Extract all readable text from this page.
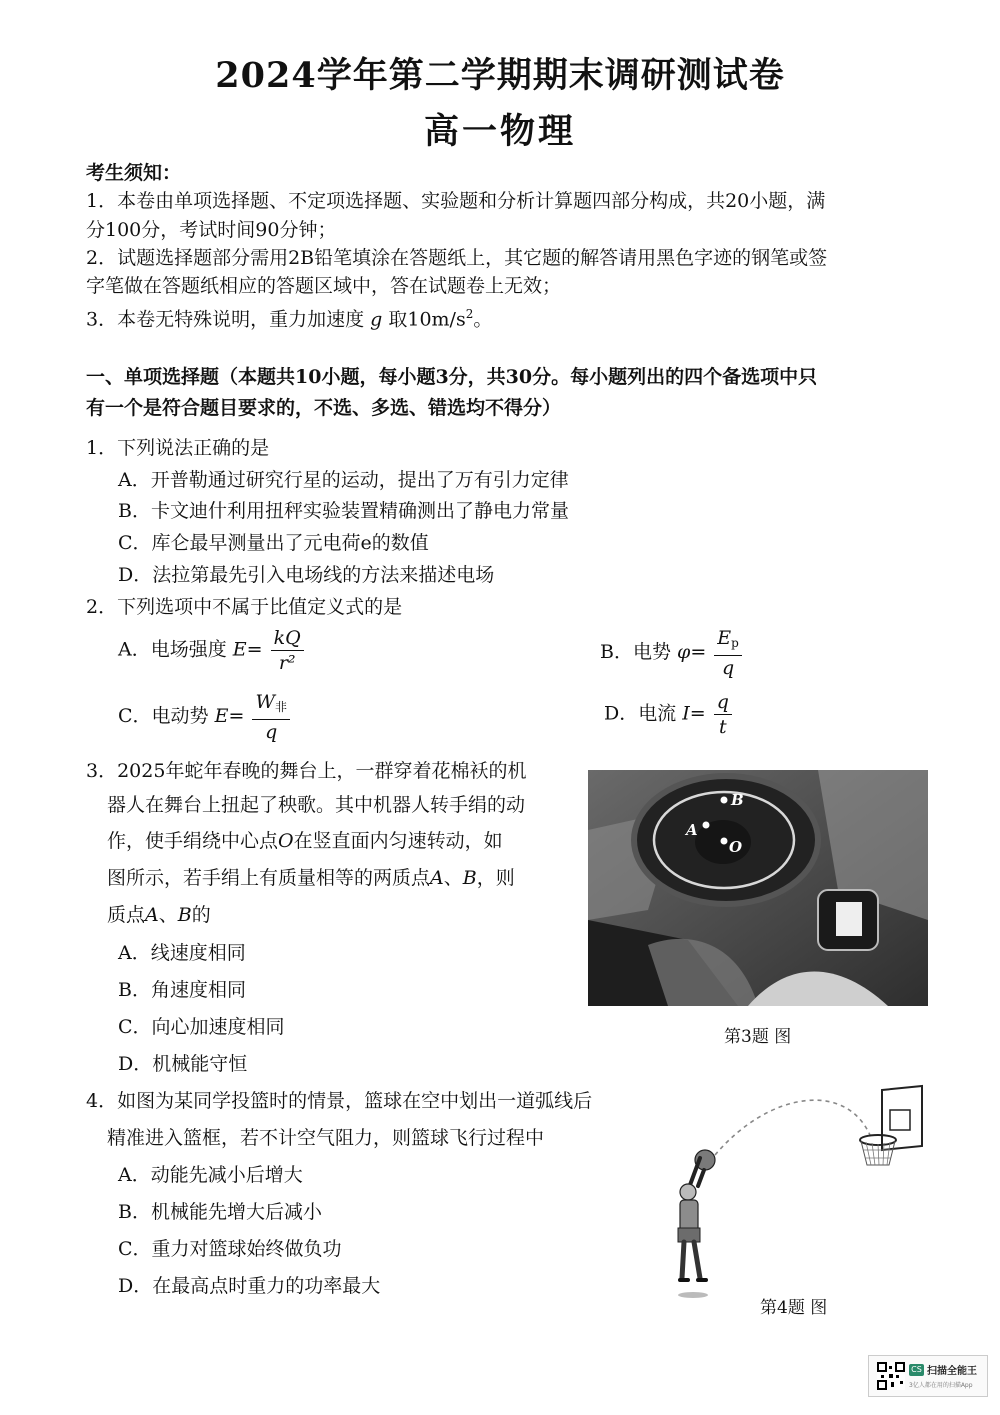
2024学年第二学期期末调研测试卷
高一物理
考生须知：
1．本卷由单项选择题、不定项选择题、实验题和分析计算题四部分构成，共20小题，满
分100分，考试时间90分钟；
2．试题选择题部分需用2B铅笔填涂在答题纸上，其它题的解答请用黑色字迹的钢笔或签
字笔做在答题纸相应的答题区域中，答在试题卷上无效；
3．本卷无特殊说明，重力加速度 g 取$10m/s^2$。
一、单项选择题（本题共10小题，每小题3分，共30分。每小题列出的四个备选项中只
有一个是符合题目要求的，不选、多选、错选均不得分）
1．下列说法正确的是
A．开普勒通过研究行星的运动，提出了万有引力定律
B．卡文迪什利用扭秤实验装置精确测出了静电力常量
C．库仑最早测量出了元电荷e的数值
D．法拉第最先引入电场线的方法来描述电场
2．下列选项中不属于比值定义式的是
A．电场强度 $E= \frac{kQ}{\text{r²}}$	B．电势 $\varphi= \frac{E_p}{q}$
C．电动势 $E= \frac{W_非}{q}$	D．电流 $I= \frac{q}{t}$
3．2025年蛇年春晚的舞台上，一群穿着花棉袄的机
器人在舞台上扭起了秧歌。其中机器人转手绢的动
作，使手绢绕中心点O在竖直面内匀速转动，如
图所示，若手绢上有质量相等的两质点A、B，则
质点A、B的
A．线速度相同
B．角速度相同
C．向心加速度相同
D．机械能守恒
B
A
O
第3题 图
4．如图为某同学投篮时的情景，篮球在空中划出一道弧线后
精准进入篮框，若不计空气阻力，则篮球飞行过程中
A．动能先减小后增大
B．机械能先增大后减小
C．重力对篮球始终做负功
D．在最高点时重力的功率最大
第4题 图
CS 扫描全能王
3亿人都在用的扫描App
